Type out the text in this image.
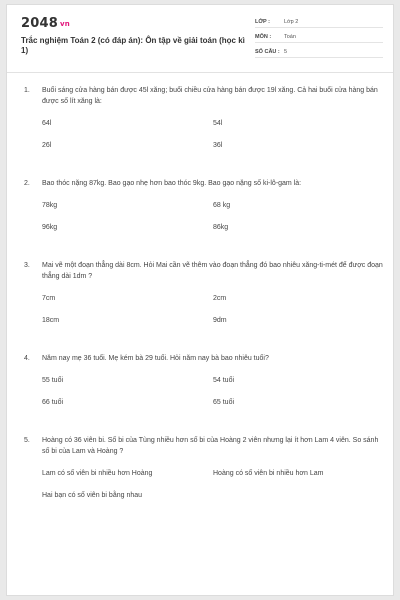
2048 vn
Trắc nghiệm Toán 2 (có đáp án): Ôn tập về giải toán (học kì 1)
LỚP :	Lớp 2
MÔN :	Toán
SỐ CÂU : 5
1.	Buổi sáng cửa hàng bán được 45l xăng; buổi chiều cửa hàng bán được 19l xăng. Cả hai buổi cửa hàng bán được số lít xăng là:
64l	54l
26l	36l
2.	Bao thóc nặng 87kg. Bao gạo nhẹ hơn bao thóc 9kg. Bao gạo nặng số ki-lô-gam là:
78kg	68 kg
96kg	86kg
3.	Mai vẽ một đoạn thẳng dài 8cm. Hỏi Mai cần vẽ thêm vào đoạn thẳng đó bao nhiêu xăng-ti-mét để được đoạn thẳng dài 1dm ?
7cm	2cm
18cm	9dm
4.	Năm nay mẹ 36 tuổi. Mẹ kém bà 29 tuổi. Hỏi năm nay bà bao nhiêu tuổi?
55 tuổi	54 tuổi
66 tuổi	65 tuổi
5.	Hoàng có 36 viên bi. Số bi của Tùng nhiều hơn số bi của Hoàng 2 viên nhưng lại ít hơn Lam 4 viên. So sánh số bi của Lam và Hoàng ?
Lam có số viên bi nhiều hơn Hoàng	Hoàng có số viên bi nhiều hơn Lam
Hai bạn có số viên bi bằng nhau
